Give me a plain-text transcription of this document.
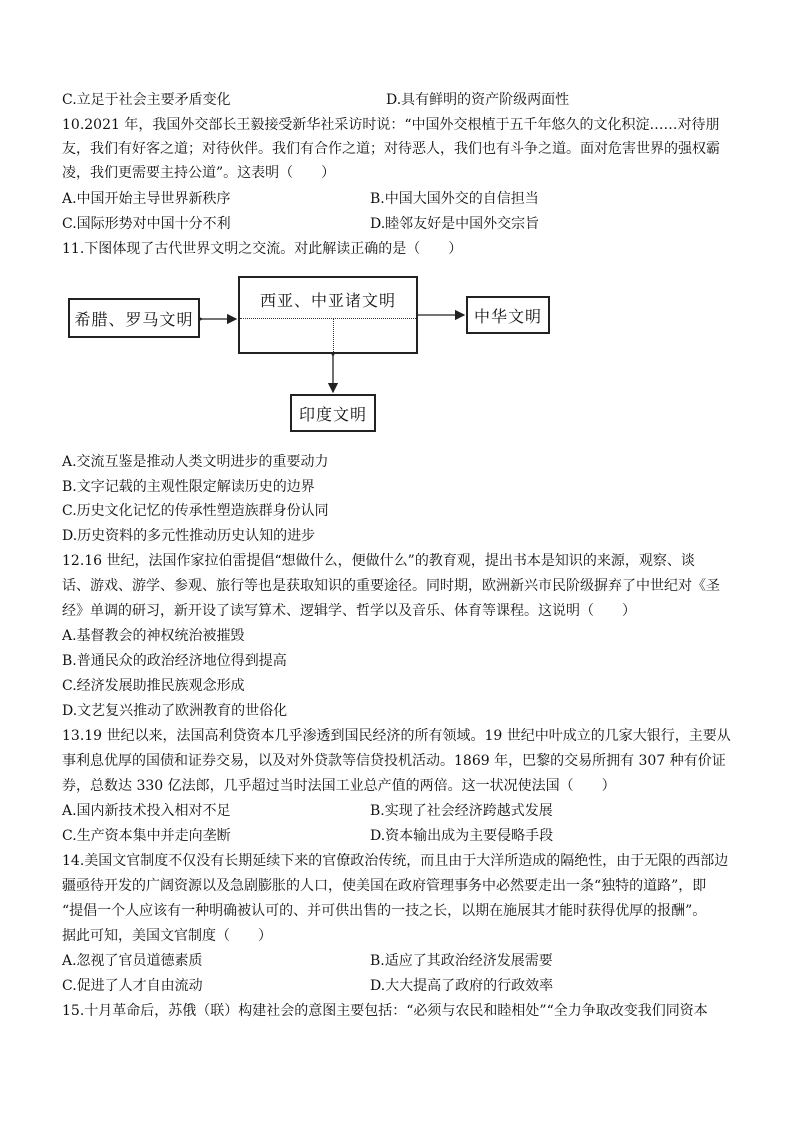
C.立足于社会主要矛盾变化	D.具有鲜明的资产阶级两面性
10.2021 年，我国外交部长王毅接受新华社采访时说：“中国外交根植于五千年悠久的文化积淀……对待朋
友，我们有好客之道；对待伙伴。我们有合作之道；对待恶人，我们也有斗争之道。面对危害世界的强权霸
凌，我们更需要主持公道”。这表明（　　）
A.中国开始主导世界新秩序	B.中国大国外交的自信担当
C.国际形势对中国十分不利	D.睦邻友好是中国外交宗旨
11.下图体现了古代世界文明之交流。对此解读正确的是（　　）
西亚、中亚诸文明
希腊、罗马文明	中华文明
印度文明
A.交流互鉴是推动人类文明进步的重要动力
B.文字记载的主观性限定解读历史的边界
C.历史文化记忆的传承性塑造族群身份认同
D.历史资料的多元性推动历史认知的进步
12.16 世纪，法国作家拉伯雷提倡“想做什么，便做什么”的教育观，提出书本是知识的来源，观察、谈
话、游戏、游学、参观、旅行等也是获取知识的重要途径。同时期，欧洲新兴市民阶级摒弃了中世纪对《圣
经》单调的研习，新开设了读写算术、逻辑学、哲学以及音乐、体育等课程。这说明（　　）
A.基督教会的神权统治被摧毁
B.普通民众的政治经济地位得到提高
C.经济发展助推民族观念形成
D.文艺复兴推动了欧洲教育的世俗化
13.19 世纪以来，法国高利贷资本几乎渗透到国民经济的所有领域。19 世纪中叶成立的几家大银行，主要从
事利息优厚的国债和证券交易，以及对外贷款等信贷投机活动。1869 年，巴黎的交易所拥有 307 种有价证
券，总数达 330 亿法郎，几乎超过当时法国工业总产值的两倍。这一状况使法国（　　）
A.国内新技术投入相对不足	B.实现了社会经济跨越式发展
C.生产资本集中并走向垄断	D.资本输出成为主要侵略手段
14.美国文官制度不仅没有长期延续下来的官僚政治传统，而且由于大洋所造成的隔绝性，由于无限的西部边
疆亟待开发的广阔资源以及急剧膨胀的人口，使美国在政府管理事务中必然要走出一条“独特的道路”，即
“提倡一个人应该有一种明确被认可的、并可供出售的一技之长，以期在施展其才能时获得优厚的报酬”。
据此可知，美国文官制度（　　）
A.忽视了官员道德素质	B.适应了其政治经济发展需要
C.促进了人才自由流动	D.大大提高了政府的行政效率
15.十月革命后，苏俄（联）构建社会的意图主要包括：“必须与农民和睦相处”“全力争取改变我们同资本
